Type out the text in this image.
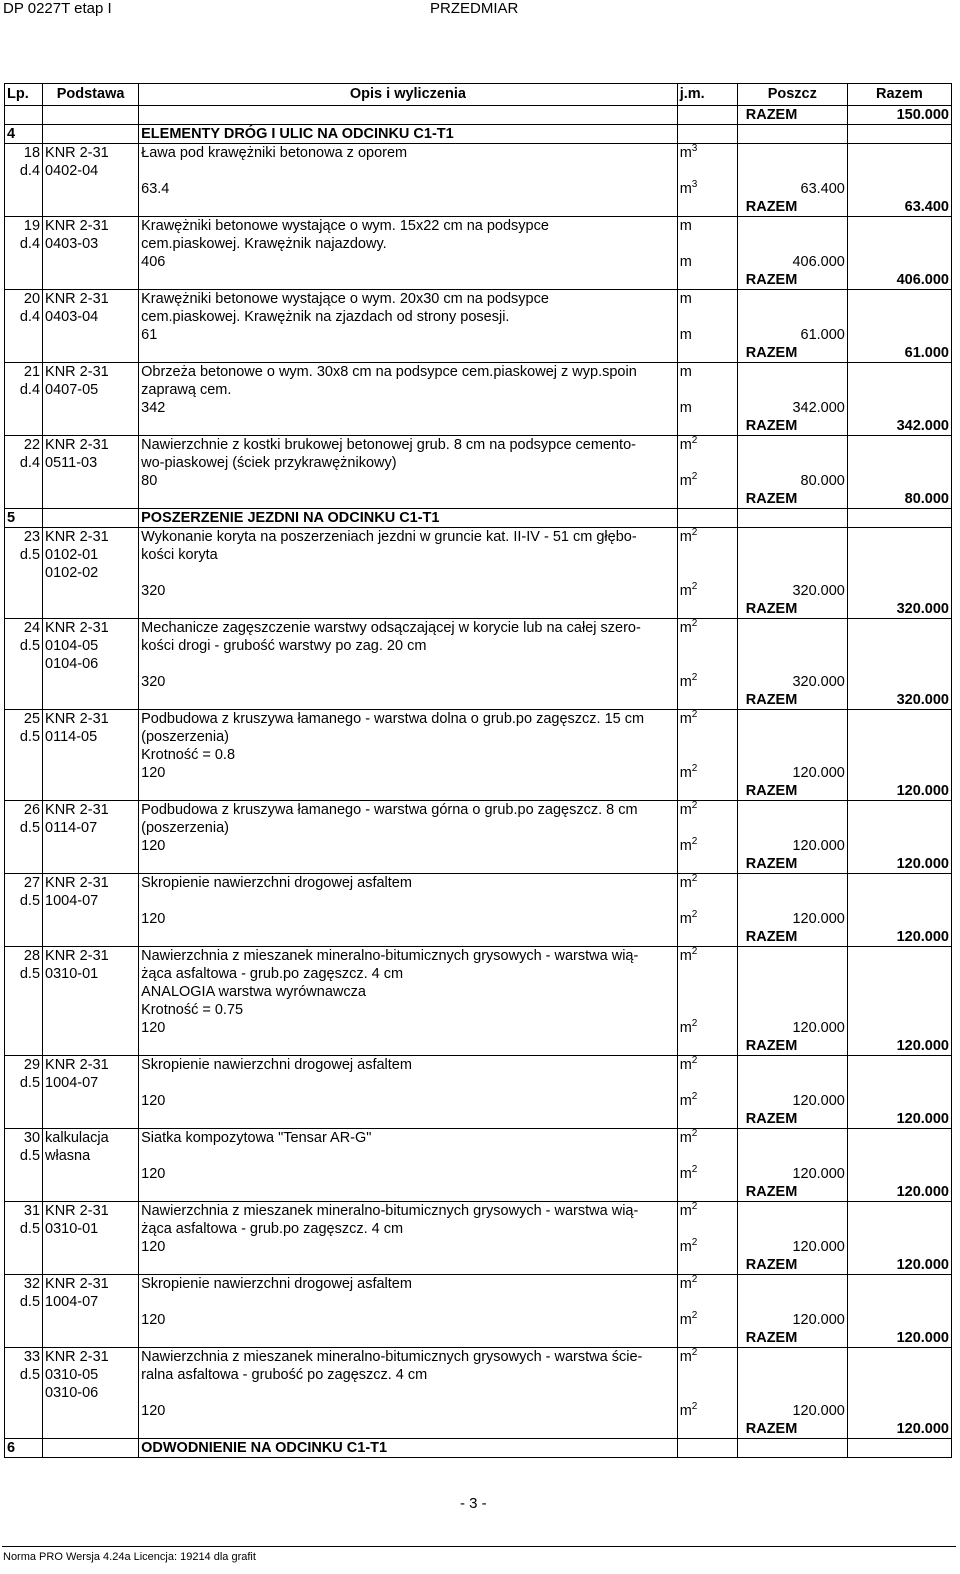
DP 0227T etap I	PRZEDMIAR
Lp.	Podstawa	Opis i wyliczenia	j.m.	Poszcz	Razem
				RAZEM	150.000
4		ELEMENTY DRÓG I ULIC NA ODCINKU C1-T1			
18	KNR 2-31	Ława pod krawężniki betonowa z oporem	$m^3$		
d.4	0402-04				
		63.4	$m^3$	63.400	
				RAZEM	63.400
19	KNR 2-31	Krawężniki betonowe wystające o wym. 15x22 cm na podsypce	m		
d.4	0403-03	cem.piaskowej. Krawężnik najazdowy.			
		406	m	406.000	
				RAZEM	406.000
20	KNR 2-31	Krawężniki betonowe wystające o wym. 20x30 cm na podsypce	m		
d.4	0403-04	cem.piaskowej. Krawężnik na zjazdach od strony posesji.			
		61	m	61.000	
				RAZEM	61.000
21	KNR 2-31	Obrzeża betonowe o wym. 30x8 cm na podsypce cem.piaskowej z wyp.spoin	m		
d.4	0407-05	zaprawą cem.			
		342	m	342.000	
				RAZEM	342.000
22	KNR 2-31	Nawierzchnie z kostki brukowej betonowej grub. 8 cm na podsypce cemento-	$m^2$		
d.4	0511-03	wo-piaskowej (ściek przykrawężnikowy)			
		80	$m^2$	80.000	
				RAZEM	80.000
5		POSZERZENIE JEZDNI NA ODCINKU C1-T1			
23	KNR 2-31	Wykonanie koryta na poszerzeniach jezdni w gruncie kat. II-IV - 51 cm głębo-	$m^2$		
d.5	0102-01	kości koryta			
	0102-02				
		320	$m^2$	320.000	
				RAZEM	320.000
24	KNR 2-31	Mechanicze zagęszczenie warstwy odsączającej w korycie lub na całej szero-	$m^2$		
d.5	0104-05	kości drogi - grubość warstwy po zag. 20 cm			
	0104-06				
		320	$m^2$	320.000	
				RAZEM	320.000
25	KNR 2-31	Podbudowa z kruszywa łamanego - warstwa dolna o grub.po zagęszcz. 15 cm	$m^2$		
d.5	0114-05	(poszerzenia)			
		Krotność = 0.8			
		120	$m^2$	120.000	
				RAZEM	120.000
26	KNR 2-31	Podbudowa z kruszywa łamanego - warstwa górna o grub.po zagęszcz. 8 cm	$m^2$		
d.5	0114-07	(poszerzenia)			
		120	$m^2$	120.000	
				RAZEM	120.000
27	KNR 2-31	Skropienie nawierzchni drogowej asfaltem	$m^2$		
d.5	1004-07				
		120	$m^2$	120.000	
				RAZEM	120.000
28	KNR 2-31	Nawierzchnia z mieszanek mineralno-bitumicznych grysowych - warstwa wią-	$m^2$		
d.5	0310-01	żąca asfaltowa - grub.po zagęszcz. 4 cm			
		ANALOGIA warstwa wyrównawcza			
		Krotność = 0.75			
		120	$m^2$	120.000	
				RAZEM	120.000
29	KNR 2-31	Skropienie nawierzchni drogowej asfaltem	$m^2$		
d.5	1004-07				
		120	$m^2$	120.000	
				RAZEM	120.000
30	kalkulacja	Siatka kompozytowa "Tensar AR-G"	$m^2$		
d.5	własna				
		120	$m^2$	120.000	
				RAZEM	120.000
31	KNR 2-31	Nawierzchnia z mieszanek mineralno-bitumicznych grysowych - warstwa wią-	$m^2$		
d.5	0310-01	żąca asfaltowa - grub.po zagęszcz. 4 cm			
		120	$m^2$	120.000	
				RAZEM	120.000
32	KNR 2-31	Skropienie nawierzchni drogowej asfaltem	$m^2$		
d.5	1004-07				
		120	$m^2$	120.000	
				RAZEM	120.000
33	KNR 2-31	Nawierzchnia z mieszanek mineralno-bitumicznych grysowych - warstwa ście-	$m^2$		
d.5	0310-05	ralna asfaltowa - grubość po zagęszcz. 4 cm			
	0310-06				
		120	$m^2$	120.000	
				RAZEM	120.000
6		ODWODNIENIE NA ODCINKU C1-T1			
- 3 -
Norma PRO Wersja 4.24a Licencja: 19214 dla grafit
